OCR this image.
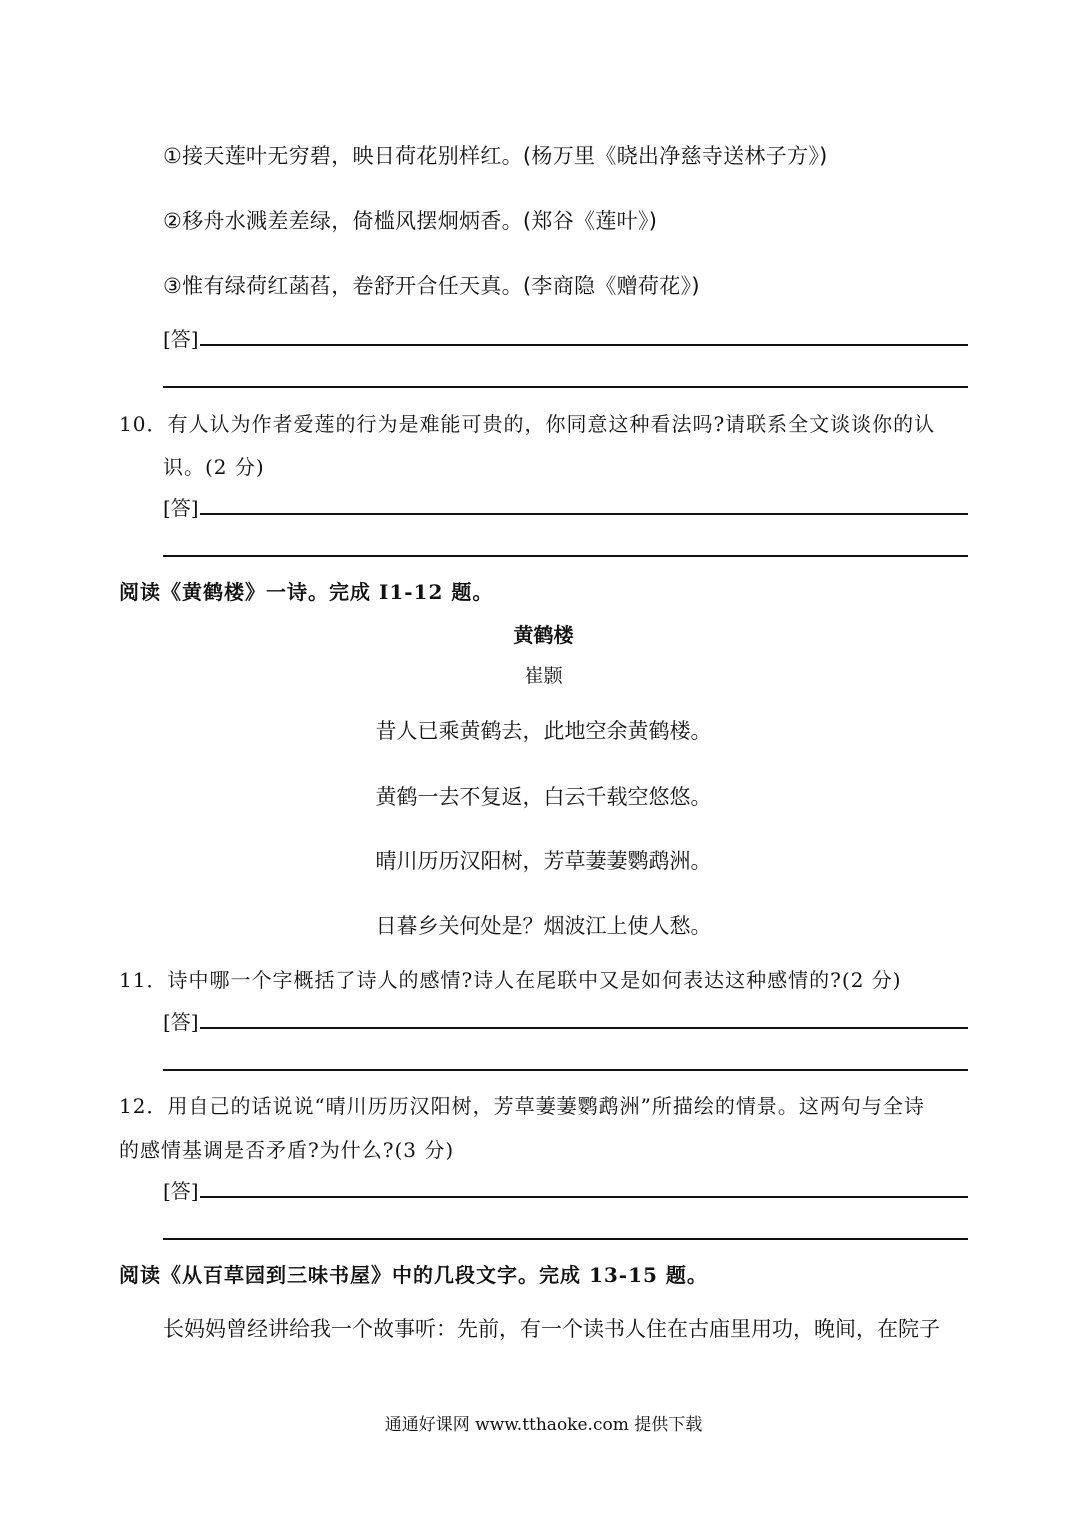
①接天莲叶无穷碧，映日荷花别样红。(杨万里《晓出净慈寺送林子方》)
②移舟水溅差差绿，倚槛风摆炯炳香。(郑谷《莲叶》)
③惟有绿荷红菡萏，卷舒开合任天真。(李商隐《赠荷花》)
[答]
10．有人认为作者爱莲的行为是难能可贵的，你同意这种看法吗?请联系全文谈谈你的认
识。(2 分)
[答]
阅读《黄鹤楼》一诗。完成 I1-12 题。
黄鹤楼
崔颢
昔人已乘黄鹤去，此地空余黄鹤楼。
黄鹤一去不复返，白云千载空悠悠。
晴川历历汉阳树，芳草萋萋鹦鹉洲。
日暮乡关何处是？烟波江上使人愁。
11．诗中哪一个字概括了诗人的感情?诗人在尾联中又是如何表达这种感情的?(2 分)
[答]
12．用自己的话说说“晴川历历汉阳树，芳草萋萋鹦鹉洲”所描绘的情景。这两句与全诗
的感情基调是否矛盾?为什么?(3 分)
[答]
阅读《从百草园到三味书屋》中的几段文字。完成 13-15 题。
长妈妈曾经讲给我一个故事听：先前，有一个读书人住在古庙里用功，晚间，在院子
通通好课网 www.tthaoke.com 提供下载
